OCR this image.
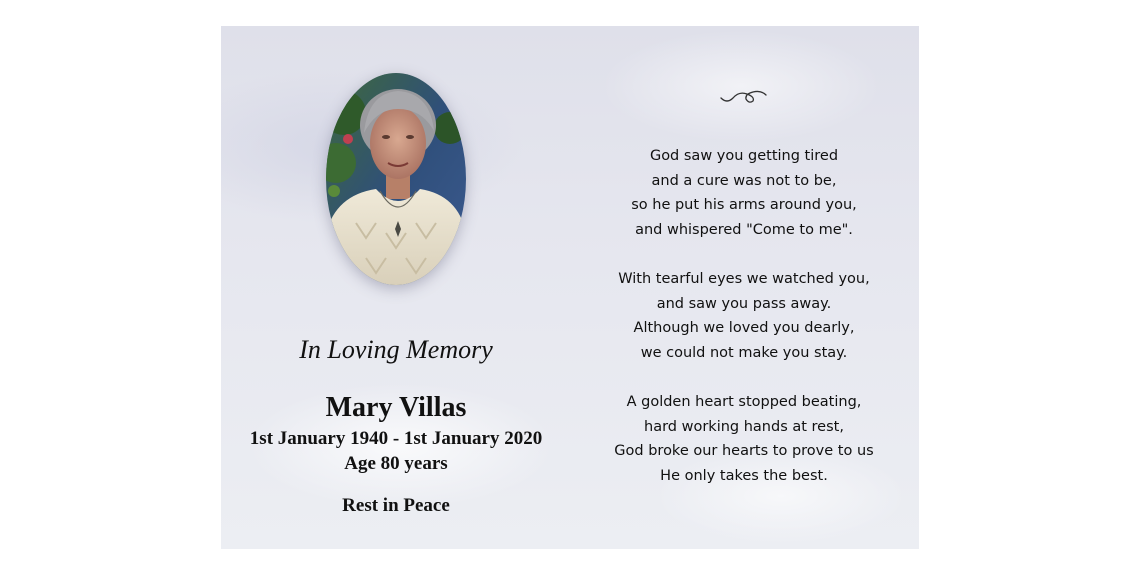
In Loving Memory
Mary Villas
1st January 1940 - 1st January 2020
Age 80 years
Rest in Peace
God saw you getting tired
and a cure was not to be,
so he put his arms around you,
and whispered "Come to me".
With tearful eyes we watched you,
and saw you pass away.
Although we loved you dearly,
we could not make you stay.
A golden heart stopped beating,
hard working hands at rest,
God broke our hearts to prove to us
He only takes the best.
